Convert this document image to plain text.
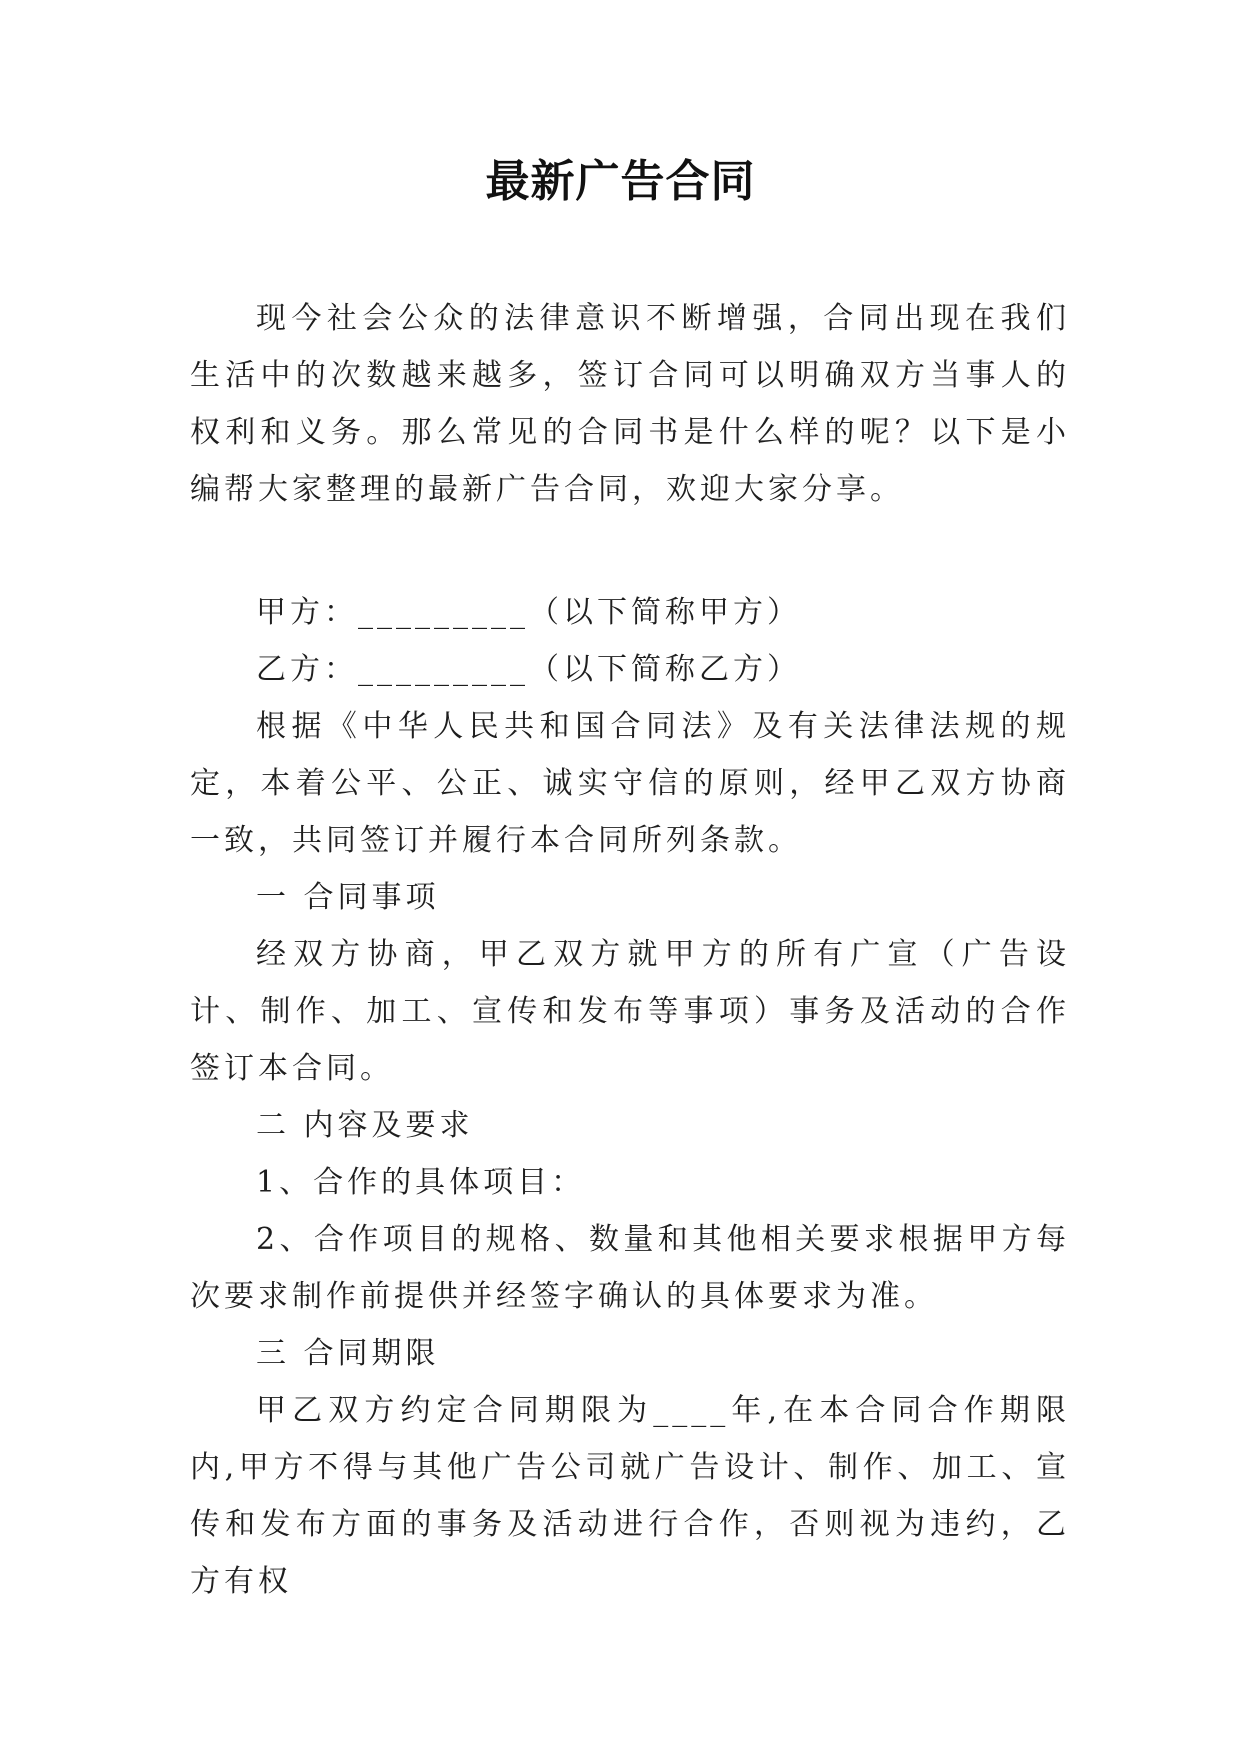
最新广告合同

现今社会公众的法律意识不断增强，合同出现在我们生活中的次数越来越多，签订合同可以明确双方当事人的权利和义务。那么常见的合同书是什么样的呢？以下是小编帮大家整理的最新广告合同，欢迎大家分享。

甲方：_________（以下简称甲方）

乙方：_________（以下简称乙方）

根据《中华人民共和国合同法》及有关法律法规的规定，本着公平、公正、诚实守信的原则，经甲乙双方协商一致，共同签订并履行本合同所列条款。

一 合同事项

经双方协商，甲乙双方就甲方的所有广宣（广告设计、制作、加工、宣传和发布等事项）事务及活动的合作签订本合同。

二 内容及要求

1、合作的具体项目：

2、合作项目的规格、数量和其他相关要求根据甲方每次要求制作前提供并经签字确认的具体要求为准。

三 合同期限

甲乙双方约定合同期限为____年,在本合同合作期限内,甲方不得与其他广告公司就广告设计、制作、加工、宣传和发布方面的事务及活动进行合作，否则视为违约，乙方有权
